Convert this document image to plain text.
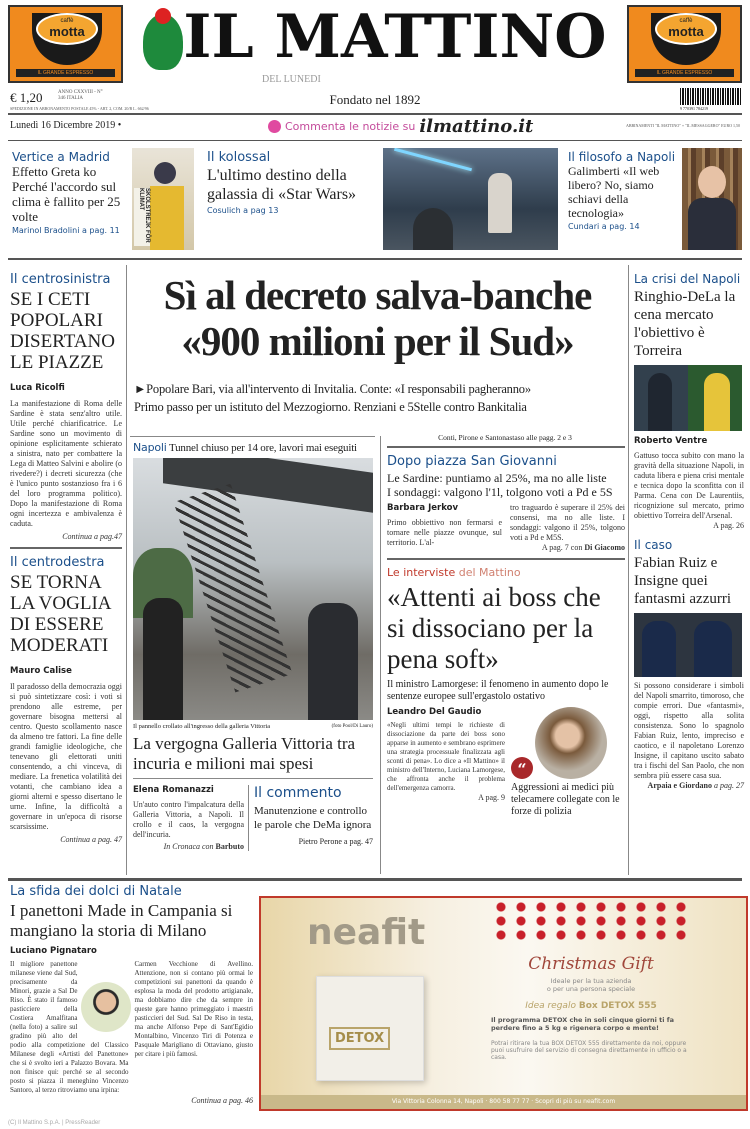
caffè
motta
IL GRANDE ESPRESSO
caffè
motta
IL GRANDE ESPRESSO
IL MATTINO
DEL LUNEDI
€ 1,20	ANNO CXXVIII - N° 346 ITALIA
SPEDIZIONE IN ABBONAMENTO POSTALE 45% - ART. 2, COM. 20/B L. 662/96
Fondato nel 1892
9 770391 784219
Lunedì 16 Dicembre 2019 •	Commenta le notizie su ilmattino.it	ABBINAMENTI "IL MATTINO" + "IL MESSAGGERO" EURO 1,50
Vertice a Madrid
Effetto Greta ko Perché l'accordo sul clima è fallito per 25 volte
Marinol Bradolini a pag. 11	SKOLSTREJK FÖR KLIMAT
Il kolossal
L'ultimo destino della galassia di «Star Wars»
Cosulich a pag 13
Il filosofo a Napoli
Galimberti «Il web libero? No, siamo schiavi della tecnologia»
Cundari a pag. 14
Il centrosinistra
SE I CETI POPOLARI DISERTANO LE PIAZZE
Luca Ricolfi
La manifestazione di Roma delle Sardine è stata senz'altro utile. Utile perché chiarificatrice. Le Sardine sono un movimento di opinione esplicitamente schierato a sinistra, nato per combattere la Lega di Matteo Salvini e abolire (o rivedere?) i decreti sicurezza (che è l'unico punto sostanzioso fra i 6 del loro programma politico). Dopo la manifestazione di Roma ogni incertezza e ambivalenza è caduta.
Continua a pag.47
Il centrodestra
SE TORNA LA VOGLIA DI ESSERE MODERATI
Mauro Calise
Il paradosso della democrazia oggi si può sintetizzare così: i voti si prendono alle estreme, per governare bisogna mettersi al centro. Questo scollamento nasce da almeno tre fattori. La fine delle grandi famiglie ideologiche, che tenevano gli elettorati uniti consentendo, a chi vinceva, di mediare. La frenetica volatilità dei votanti, che cambiano idea a giorni alterni e spesso disertano le urne. Infine, la difficoltà a governare in un'epoca di risorse scarsissime.
Continua a pag. 47
Sì al decreto salva-banche
«900 milioni per il Sud»
►Popolare Bari, via all'intervento di Invitalia. Conte: «I responsabili pagheranno»
Primo passo per un istituto del Mezzogiorno. Renziani e 5Stelle contro Bankitalia
Conti, Pirone e Santonastaso alle pagg. 2 e 3
Napoli Tunnel chiuso per 14 ore, lavori mai eseguiti
Il pannello crollato all'ingresso della galleria Vittoria	(foto Pool/Di Lauro)
La vergogna Galleria Vittoria tra incuria e milioni mai spesi
Elena Romanazzi
Un'auto contro l'impalcatura della Galleria Vittoria, a Napoli. Il crollo e il caos, la vergogna dell'incuria.
In Cronaca con Barbuto
Il commento
Manutenzione e controllo le parole che DeMa ignora
Pietro Perone a pag. 47
Dopo piazza San Giovanni
Le Sardine: puntiamo al 25%, ma no alle liste
I sondaggi: valgono l'1l, tolgono voti a Pd e 5S
Barbara Jerkov
Primo obbiettivo non fermarsi e tornare nelle piazze ovunque, sul territorio. L'al-
tro traguardo è superare il 25% dei consensi, ma no alle liste. I sondaggi: valgono il 25%, tolgono voti a Pd e M5S.
A pag. 7 con Di Giacomo
Le interviste del Mattino
«Attenti ai boss che si dissociano per la pena soft»
Il ministro Lamorgese: il fenomeno in aumento dopo le sentenze europee sull'ergastolo ostativo
Leandro Del Gaudio
«Negli ultimi tempi le richieste di dissociazione da parte dei boss sono apparse in aumento e sembrano esprimere una strategia processuale finalizzata agli sconti di pena». Lo dice a «Il Mattino» il ministro dell'Interno, Luciana Lamorgese, che affronta anche il problema dell'emergenza camorra.
A pag. 9
“
Aggressioni ai medici più telecamere collegate con le forze di polizia
La crisi del Napoli
Ringhio-DeLa la cena mercato l'obiettivo è Torreira
Roberto Ventre
Gattuso tocca subito con mano la gravità della situazione Napoli, in caduta libera e piena crisi mentale e tecnica dopo la sconfitta con il Parma. Cena con De Laurentiis, ricognizione sul mercato, primo obiettivo Torreira dell'Arsenal.
A pag. 26
Il caso
Fabian Ruiz e Insigne quei fantasmi azzurri
Si possono considerare i simboli del Napoli smarrito, timoroso, che compie errori. Due «fantasmi», oggi, rispetto alla solita consistenza. Sono lo spagnolo Fabian Ruiz, lento, impreciso e caotico, e il napoletano Lorenzo Insigne, il capitano uscito sabato tra i fischi del San Paolo, che non sembra più essere casa sua.
Arpaia e Giordano a pag. 27
La sfida dei dolci di Natale
I panettoni Made in Campania si mangiano la storia di Milano
Luciano Pignataro
Il migliore panettone milanese viene dal Sud, precisamente da Minori, grazie a Sal De Riso. È stato il famoso pasticciere della Costiera Amalfitana (nella foto) a salire sul gradino più alto del podio alla competizione del Classico Milanese degli «Artisti del Panettone» che si è svolto ieri a Palazzo Bovara. Ma non finisce qui: perché se al secondo posto si piazza il meneghino Vincenzo Santoro, al terzo ritroviamo una irpina:
Carmen Vecchione di Avellino. Attenzione, non si contano più ormai le competizioni sui panettoni da quando è esplosa la moda del prodotto artigianale, ma dobbiamo dire che da sempre in queste gare hanno primeggiato i maestri pasticcieri del Sud. Sal De Riso in testa, ma anche Alfonso Pepe di Sant'Egidio Montalbino, Vincenzo Tiri di Potenza e Pasquale Marigliano di Ottaviano, giusto per citare i più famosi.
Continua a pag. 46
(C) Il Mattino S.p.A. | PressReader
neafit
DETOX
Christmas Gift
Ideale per la tua azienda
o per una persona speciale
Idea regalo Box DETOX 555
Il programma DETOX che in soli cinque giorni ti fa perdere fino a 5 kg e rigenera corpo e mente!
Potrai ritirare la tua BOX DETOX 555 direttamente da noi, oppure puoi usufruire del servizio di consegna direttamente in ufficio o a casa.
Via Vittoria Colonna 14, Napoli · 800 58 77 77 · Scopri di più su neafit.com
